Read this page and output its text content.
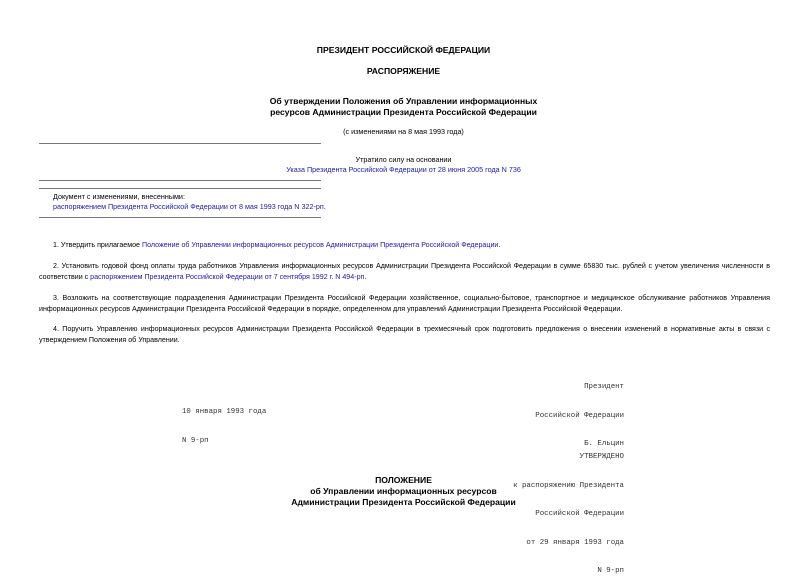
ПРЕЗИДЕНТ РОССИЙСКОЙ ФЕДЕРАЦИИ
РАСПОРЯЖЕНИЕ
Об утверждении Положения об Управлении информационных
ресурсов Администрации Президента Российской Федерации
(с изменениями на 8 мая 1993 года)
Утратило силу на основании
Указа Президента Российской Федерации от 28 июня 2005 года N 736
Документ с изменениями, внесенными:
распоряжением Президента Российской Федерации от 8 мая 1993 года N 322-рп.
1. Утвердить прилагаемое Положение об Управлении информационных ресурсов Администрации Президента Российской Федерации.
2. Установить годовой фонд оплаты труда работников Управления информационных ресурсов Администрации Президента Российской Федерации в сумме 65830 тыс. рублей с учетом увеличения численности в соответствии с распоряжением Президента Российской Федерации от 7 сентября 1992 г. N 494-рп.
3. Возложить на соответствующие подразделения Администрации Президента Российской Федерации хозяйственное, социально-бытовое, транспортное и медицинское обслуживание работников Управления информационных ресурсов Администрации Президента Российской Федерации в порядке, определенном для управлений Администрации Президента Российской Федерации.
4. Поручить Управлению информационных ресурсов Администрации Президента Российской Федерации в трехмесячный срок подготовить предложения о внесении изменений в нормативные акты в связи с утверждением Положения об Управлении.

Президент

Российской Федерации

Б. Ельцин

10 января 1993 года

N 9-рп

УТВЕРЖДЕНО

к распоряжению Президента

Российской Федерации

от 29 января 1993 года

N 9-рп

ПОЛОЖЕНИЕ
об Управлении информационных ресурсов
Администрации Президента Российской Федерации
